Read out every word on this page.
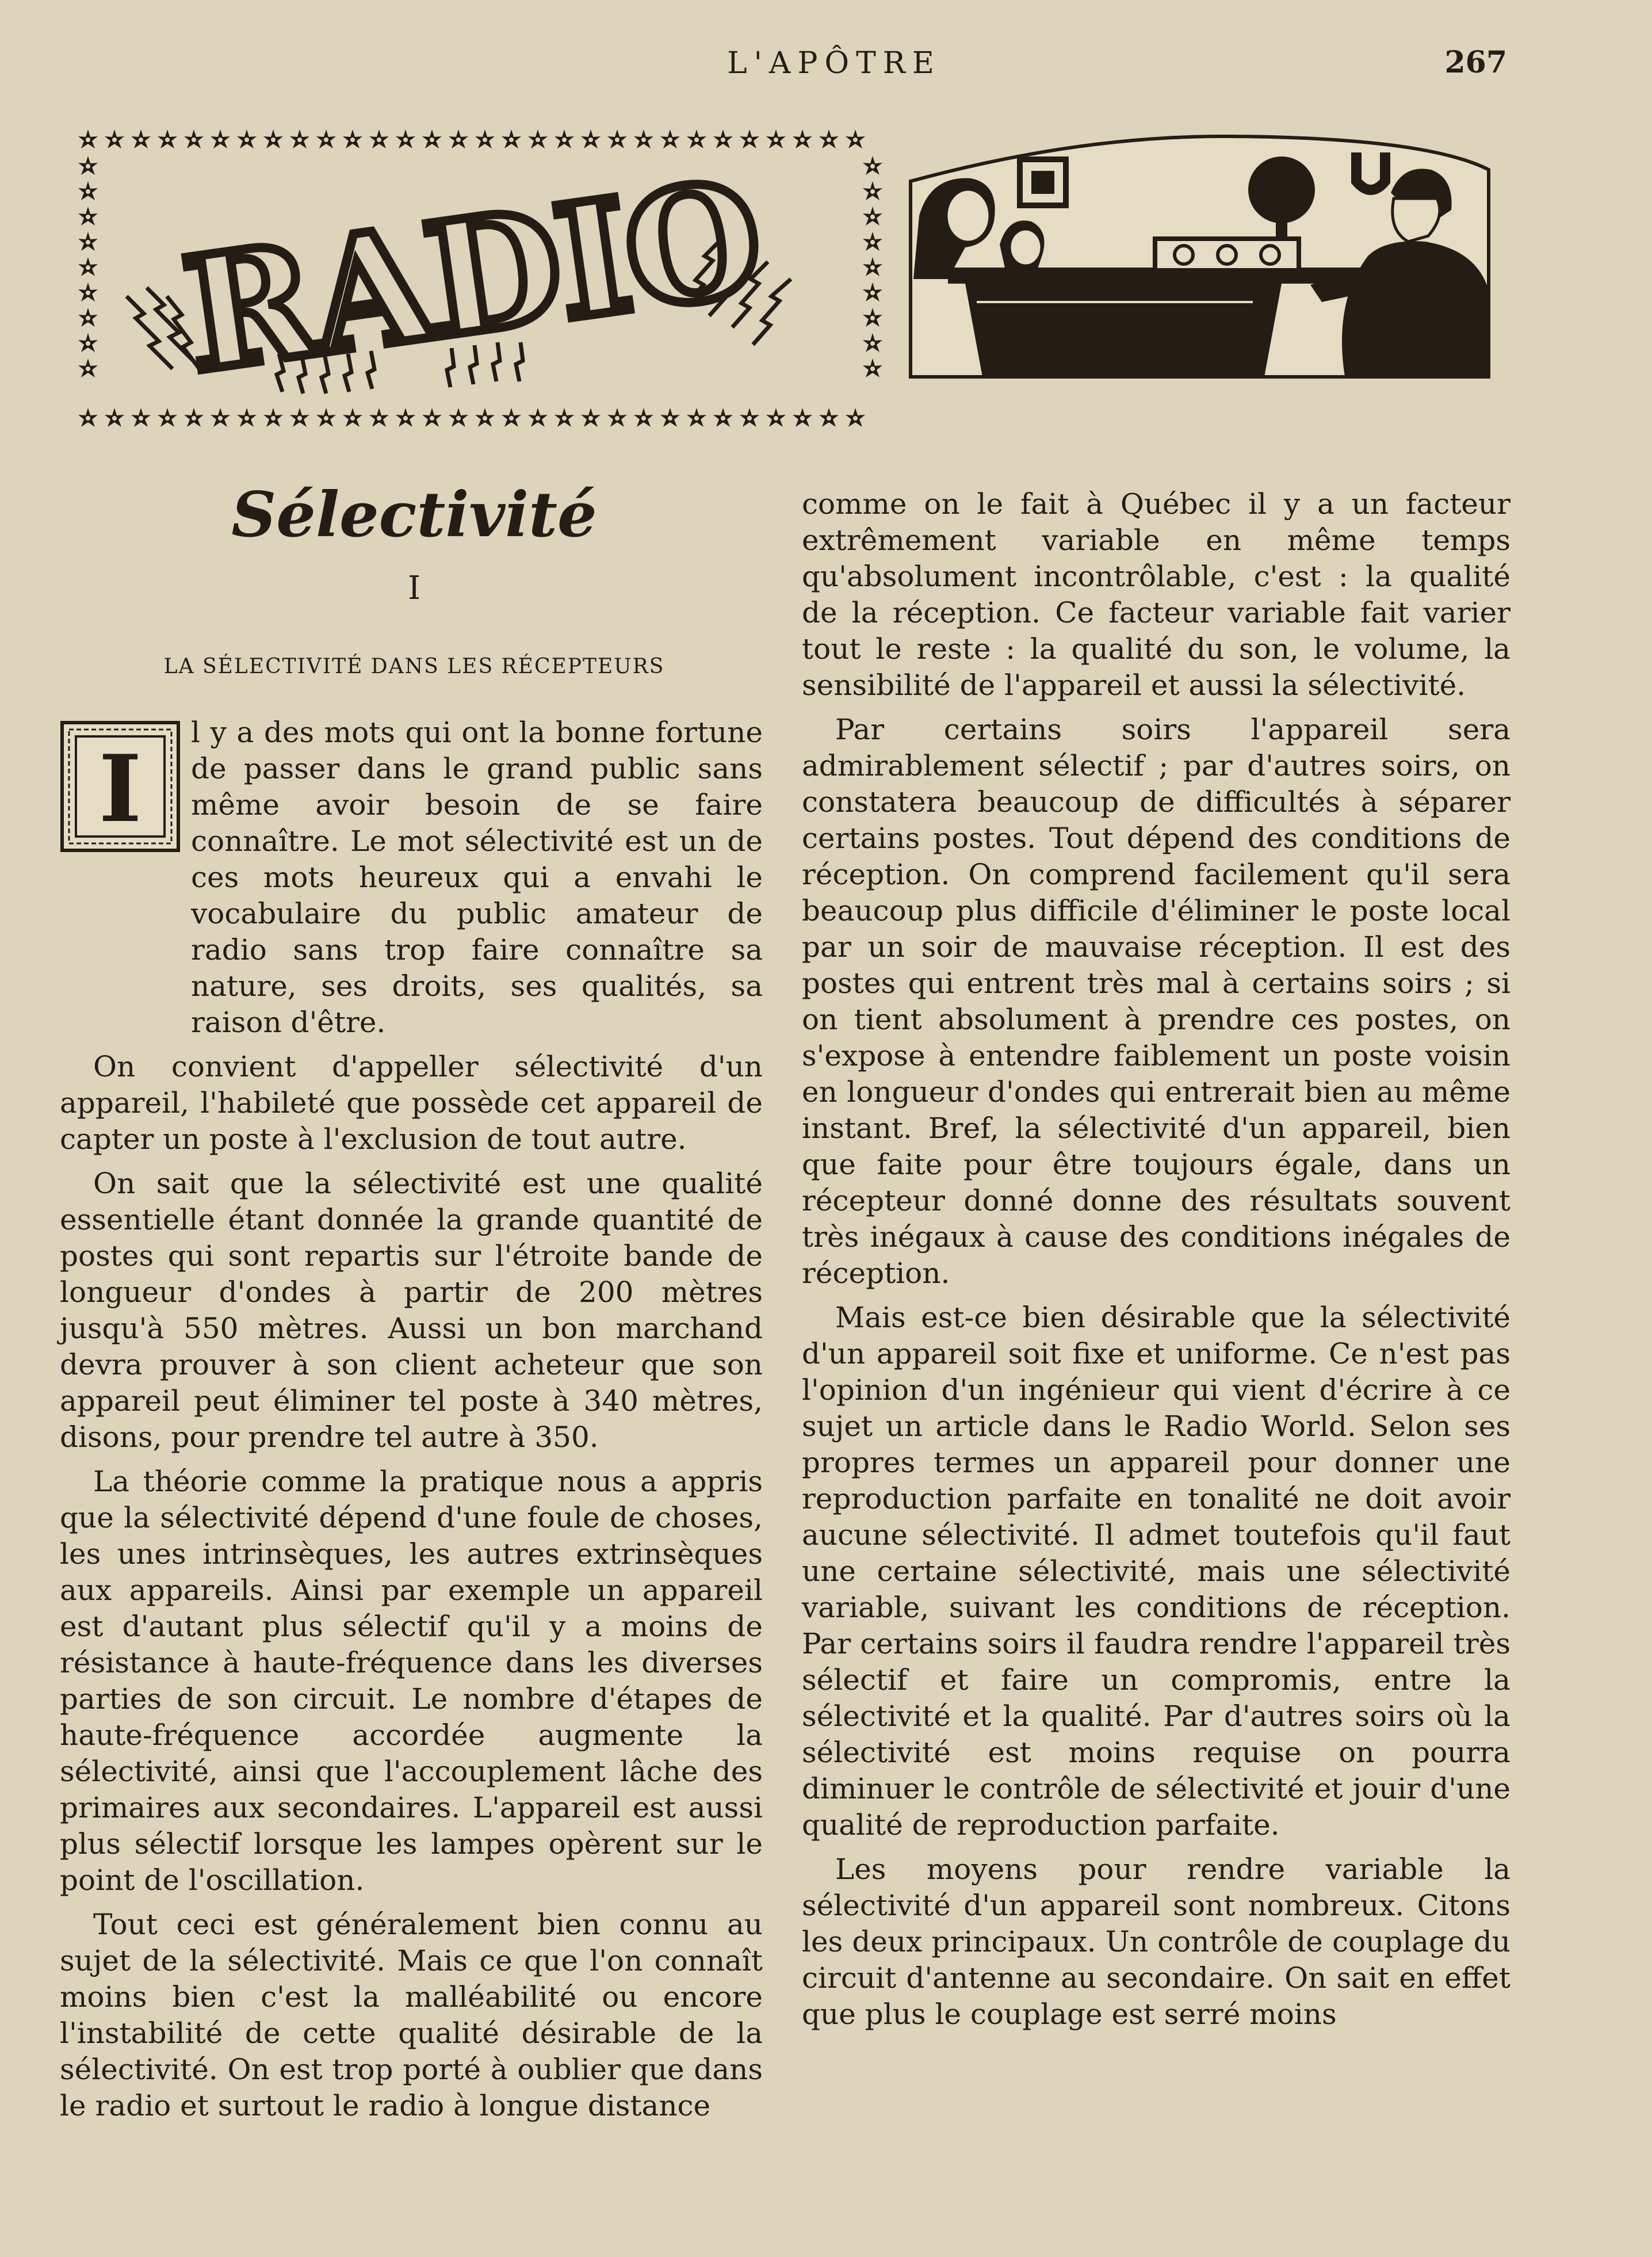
L'APÔTRE	267
RADIO
Sélectivité
I
LA SÉLECTIVITÉ DANS LES RÉCEPTEURS
I

l y a des mots qui ont la bonne fortune de passer dans le grand public sans même avoir besoin de se faire connaître. Le mot sélectivité est un de ces mots heureux qui a envahi le vocabulaire du public amateur de radio sans trop faire connaître sa nature, ses droits, ses qualités, sa raison d'être.

On convient d'appeller sélectivité d'un appareil, l'habileté que possède cet appareil de capter un poste à l'exclusion de tout autre.

On sait que la sélectivité est une qualité essentielle étant donnée la grande quantité de postes qui sont repartis sur l'étroite bande de longueur d'ondes à partir de 200 mètres jusqu'à 550 mètres. Aussi un bon marchand devra prouver à son client acheteur que son appareil peut éliminer tel poste à 340 mètres, disons, pour prendre tel autre à 350.

La théorie comme la pratique nous a appris que la sélectivité dépend d'une foule de choses, les unes intrinsèques, les autres extrinsèques aux appareils. Ainsi par exemple un appareil est d'autant plus sélectif qu'il y a moins de résistance à haute-fréquence dans les diverses parties de son circuit. Le nombre d'étapes de haute-fréquence accordée augmente la sélectivité, ainsi que l'accouplement lâche des primaires aux secondaires. L'appareil est aussi plus sélectif lorsque les lampes opèrent sur le point de l'oscillation.

Tout ceci est généralement bien connu au sujet de la sélectivité. Mais ce que l'on connaît moins bien c'est la malléabilité ou encore l'instabilité de cette qualité désirable de la sélectivité. On est trop porté à oublier que dans le radio et surtout le radio à longue distance

comme on le fait à Québec il y a un facteur extrêmement variable en même temps qu'absolument incontrôlable, c'est : la qualité de la réception. Ce facteur variable fait varier tout le reste : la qualité du son, le volume, la sensibilité de l'appareil et aussi la sélectivité.

Par certains soirs l'appareil sera admirablement sélectif ; par d'autres soirs, on constatera beaucoup de difficultés à séparer certains postes. Tout dépend des conditions de réception. On comprend facilement qu'il sera beaucoup plus difficile d'éliminer le poste local par un soir de mauvaise réception. Il est des postes qui entrent très mal à certains soirs ; si on tient absolument à prendre ces postes, on s'expose à entendre faiblement un poste voisin en longueur d'ondes qui entrerait bien au même instant. Bref, la sélectivité d'un appareil, bien que faite pour être toujours égale, dans un récepteur donné donne des résultats souvent très inégaux à cause des conditions inégales de réception.

Mais est-ce bien désirable que la sélectivité d'un appareil soit fixe et uniforme. Ce n'est pas l'opinion d'un ingénieur qui vient d'écrire à ce sujet un article dans le Radio World. Selon ses propres termes un appareil pour donner une reproduction parfaite en tonalité ne doit avoir aucune sélectivité. Il admet toutefois qu'il faut une certaine sélectivité, mais une sélectivité variable, suivant les conditions de réception. Par certains soirs il faudra rendre l'appareil très sélectif et faire un compromis, entre la sélectivité et la qualité. Par d'autres soirs où la sélectivité est moins requise on pourra diminuer le contrôle de sélectivité et jouir d'une qualité de reproduction parfaite.

Les moyens pour rendre variable la sélectivité d'un appareil sont nombreux. Citons les deux principaux. Un contrôle de couplage du circuit d'antenne au secondaire. On sait en effet que plus le couplage est serré moins
